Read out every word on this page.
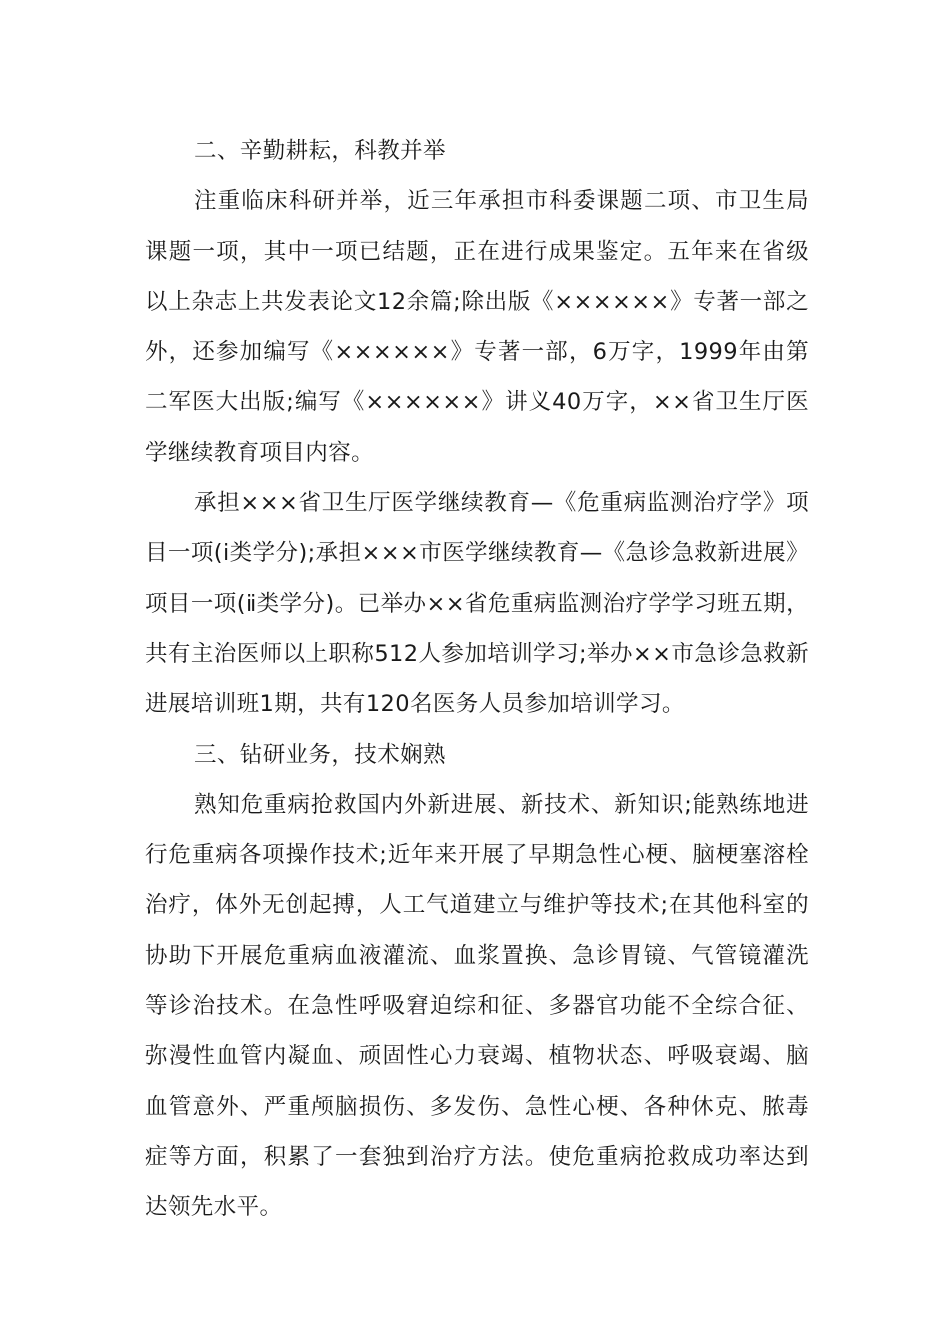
二、辛勤耕耘，科教并举

注重临床科研并举，近三年承担市科委课题二项、市卫生局课题一项，其中一项已结题，正在进行成果鉴定。五年来在省级以上杂志上共发表论文12余篇;除出版《××××××》专著一部之外，还参加编写《××××××》专著一部，6万字，1999年由第二军医大出版;编写《××××××》讲义40万字，××省卫生厅医学继续教育项目内容。

承担×××省卫生厅医学继续教育—《危重病监测治疗学》项目一项(ⅰ类学分);承担×××市医学继续教育—《急诊急救新进展》项目一项(ⅱ类学分)。已举办××省危重病监测治疗学学习班五期，共有主治医师以上职称512人参加培训学习;举办××市急诊急救新进展培训班1期，共有120名医务人员参加培训学习。

三、钻研业务，技术娴熟

熟知危重病抢救国内外新进展、新技术、新知识;能熟练地进行危重病各项操作技术;近年来开展了早期急性心梗、脑梗塞溶栓治疗，体外无创起搏，人工气道建立与维护等技术;在其他科室的协助下开展危重病血液灌流、血浆置换、急诊胃镜、气管镜灌洗等诊治技术。在急性呼吸窘迫综和征、多器官功能不全综合征、弥漫性血管内凝血、顽固性心力衰竭、植物状态、呼吸衰竭、脑血管意外、严重颅脑损伤、多发伤、急性心梗、各种休克、脓毒症等方面，积累了一套独到治疗方法。使危重病抢救成功率达到达领先水平。
